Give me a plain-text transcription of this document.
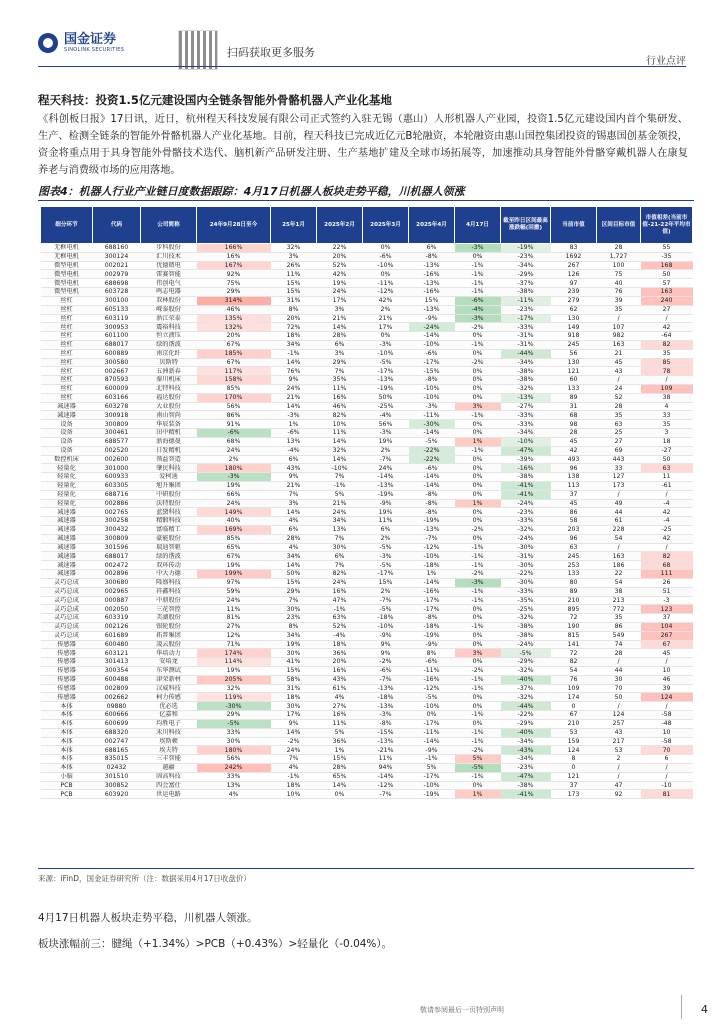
国金证券
SINOLINK SECURITIES	扫码获取更多服务
行业点评
程天科技：投资1.5亿元建设国内全链条智能外骨骼机器人产业化基地
《科创板日报》17日讯，近日，杭州程天科技发展有限公司正式签约入驻无锡（惠山）人形机器人产业园，投资1.5亿元建设国内首个集研发、生产、检测全链条的智能外骨骼机器人产业化基地。目前，程天科技已完成近亿元B轮融资，本轮融资由惠山国控集团投资的锡惠国创基金领投，资金将重点用于具身智能外骨骼技术迭代、脑机新产品研发注册、生产基地扩建及全球市场拓展等，加速推动具身智能外骨骼穿戴机器人在康复养老与消费级市场的应用落地。
图表4：机器人行业产业链日度数据跟踪：4月17日机器人板块走势平稳，川机器人领涨
细分环节	代码	公司简称	24年9月28日至今	25年1月	2025年2月	2025年3月	2025年4月	4月17日	截至昨日区间最高涨跌幅(回撤)	当前市值	区间目标市值	市值相差(当前市值-21-22年平均市值)
无框电机	688160	步科股份	166%	32%	22%	0%	6%	-3%	-19%	83	28	55
无框电机	300124	汇川技术	16%	3%	20%	-6%	-8%	0%	-23%	1692	1,727	-35
微型电机	002021	优德微电	167%	26%	52%	-10%	-13%	-1%	-34%	267	100	168
微型电机	002979	雷赛智能	92%	11%	42%	0%	-16%	-1%	-29%	126	75	50
微型电机	688698	伟创电气	75%	15%	19%	-11%	-13%	-1%	-37%	97	40	57
微型电机	603728	鸣志电器	29%	15%	24%	-12%	-16%	-1%	-38%	239	76	163
丝杠	300100	双林股份	314%	31%	17%	42%	15%	-6%	-11%	279	39	240
丝杠	605133	嵘泰股份	46%	8%	3%	2%	-13%	-4%	-23%	62	35	27
丝杠	603119	浙江荣泰	135%	20%	21%	21%	-9%	-3%	-17%	130	/	/
丝杠	300953	震裕科技	132%	72%	14%	17%	-24%	-2%	-33%	149	107	42
丝杠	601100	恒立液压	20%	18%	28%	0%	-14%	0%	-31%	918	982	-64
丝杠	688017	绿的谐波	67%	34%	6%	-3%	-10%	-1%	-31%	245	163	82
丝杠	600889	南京化纤	185%	-1%	3%	-10%	-6%	0%	-44%	56	21	35
丝杠	300580	贝斯特	67%	14%	29%	-5%	-17%	-2%	-34%	130	45	85
丝杠	002667	五洲新春	117%	76%	7%	-17%	-15%	0%	-38%	121	43	78
丝杠	870593	秦川机床	158%	9%	35%	-13%	-8%	0%	-38%	60	/	/
丝杠	600009	北特科技	85%	24%	11%	-19%	-10%	0%	-32%	133	24	109
丝杠	603166	福达股份	170%	21%	16%	50%	-10%	0%	-13%	89	52	38
减速器	603278	大业股份	56%	14%	46%	-25%	-3%	3%	-27%	31	28	4
减速器	300918	南山智尚	86%	-3%	82%	-4%	-11%	-1%	-33%	68	35	33
设备	300809	华辰装备	91%	1%	10%	56%	-30%	0%	-33%	98	63	35
设备	300461	田中精机	-6%	-6%	11%	-3%	-14%	0%	-34%	28	25	3
设备	688577	浙海德曼	68%	13%	14%	19%	-5%	1%	-10%	45	27	18
设备	002520	日发精机	24%	-4%	32%	2%	-22%	-1%	-47%	42	69	-27
数控机床	002600	领益智造	2%	6%	14%	-7%	-22%	0%	-39%	493	443	50
轻量化	301000	肇民科技	180%	43%	-10%	24%	-6%	0%	-16%	96	33	63
轻量化	600933	爱柯迪	-3%	9%	7%	-14%	-14%	0%	-38%	138	127	11
轻量化	603305	旭升集团	19%	21%	-1%	-13%	-14%	0%	-41%	113	173	-61
轻量化	688716	中研股份	66%	7%	5%	-19%	-8%	0%	-41%	37	/	/
轻量化	002886	沃特股份	24%	3%	21%	-9%	-8%	1%	-24%	45	49	-4
减速器	002765	蓝黛科技	149%	14%	24%	19%	-8%	0%	-23%	86	44	42
减速器	300258	精锻科技	40%	4%	34%	11%	-19%	0%	-33%	58	61	-4
减速器	300432	富临精工	169%	6%	13%	6%	-13%	-2%	-32%	203	228	-25
减速器	300809	豪能股份	85%	28%	7%	2%	-7%	0%	-24%	96	54	42
减速器	301596	瑞迪智驱	65%	4%	30%	-5%	-12%	-1%	-30%	63	/	/
减速器	688017	绿的谐波	67%	34%	6%	-3%	-10%	-1%	-31%	245	163	82
减速器	002472	双环传动	19%	14%	7%	-5%	-18%	-1%	-30%	253	186	68
减速器	002896	中大力德	199%	50%	82%	-17%	1%	-2%	-22%	133	22	111
灵巧总成	300680	隆盛科技	97%	15%	24%	15%	-14%	-3%	-30%	80	54	26
灵巧总成	002965	祥鑫科技	59%	29%	16%	2%	-16%	-1%	-33%	89	38	51
灵巧总成	000887	中鼎股份	24%	7%	47%	-7%	-17%	-1%	-35%	210	213	-3
灵巧总成	002050	三花智控	11%	30%	-1%	-5%	-17%	0%	-25%	895	772	123
灵巧总成	603319	美湖股份	81%	23%	63%	-18%	-8%	0%	-32%	72	35	37
灵巧总成	002126	银轮股份	27%	8%	52%	-10%	-18%	-1%	-38%	190	86	104
灵巧总成	601689	拓普集团	12%	34%	-4%	-9%	-19%	0%	-38%	815	549	267
传感器	600480	凌云股份	71%	19%	18%	9%	-9%	0%	-24%	141	74	67
传感器	603121	华培动力	174%	30%	36%	9%	8%	3%	-5%	72	28	45
传感器	301413	安培龙	114%	41%	20%	-2%	-6%	0%	-29%	82	/	/
传感器	300354	东华测试	19%	15%	16%	-6%	-11%	-2%	-32%	54	44	10
传感器	600488	津荣新材	205%	58%	43%	-7%	-16%	-1%	-40%	76	30	46
传感器	002809	汉威科技	32%	31%	61%	-13%	-12%	-1%	-37%	109	70	39
传感器	002662	柯力传感	119%	18%	4%	-18%	-5%	0%	-32%	174	50	124
本体	09880	优必选	-30%	30%	27%	-13%	-10%	0%	-44%	0	/	/
本体	600666	亿嘉和	29%	17%	16%	-3%	0%	-1%	-22%	67	124	-58
本体	600699	均胜电子	-5%	9%	11%	-8%	-17%	0%	-29%	210	257	-48
本体	688320	禾川科技	33%	14%	5%	-15%	-11%	-1%	-40%	53	43	10
本体	002747	埃斯顿	30%	-2%	36%	-13%	-14%	-1%	-34%	159	217	-58
本体	688165	埃夫特	180%	24%	1%	-21%	-9%	-2%	-43%	124	53	70
本体	835015	三丰智能	56%	7%	15%	11%	-1%	5%	-34%	8	2	6
本体	02432	越疆	242%	4%	28%	94%	5%	-5%	-23%	0	/	/
小脑	301510	固高科技	33%	-1%	65%	-14%	-17%	-1%	-47%	121	/	/
PCB	300852	四会富仕	13%	18%	14%	-12%	-10%	0%	-38%	37	47	-10
PCB	603920	世运电路	4%	10%	0%	-7%	-19%	1%	-41%	173	92	81
来源：iFinD，国金证券研究所（注：数据采用4月17日收盘价）
4月17日机器人板块走势平稳，川机器人领涨。
板块涨幅前三：腱绳（+1.34%）>PCB（+0.43%）>轻量化（-0.04%）。
敬请参阅最后一页特别声明	4
